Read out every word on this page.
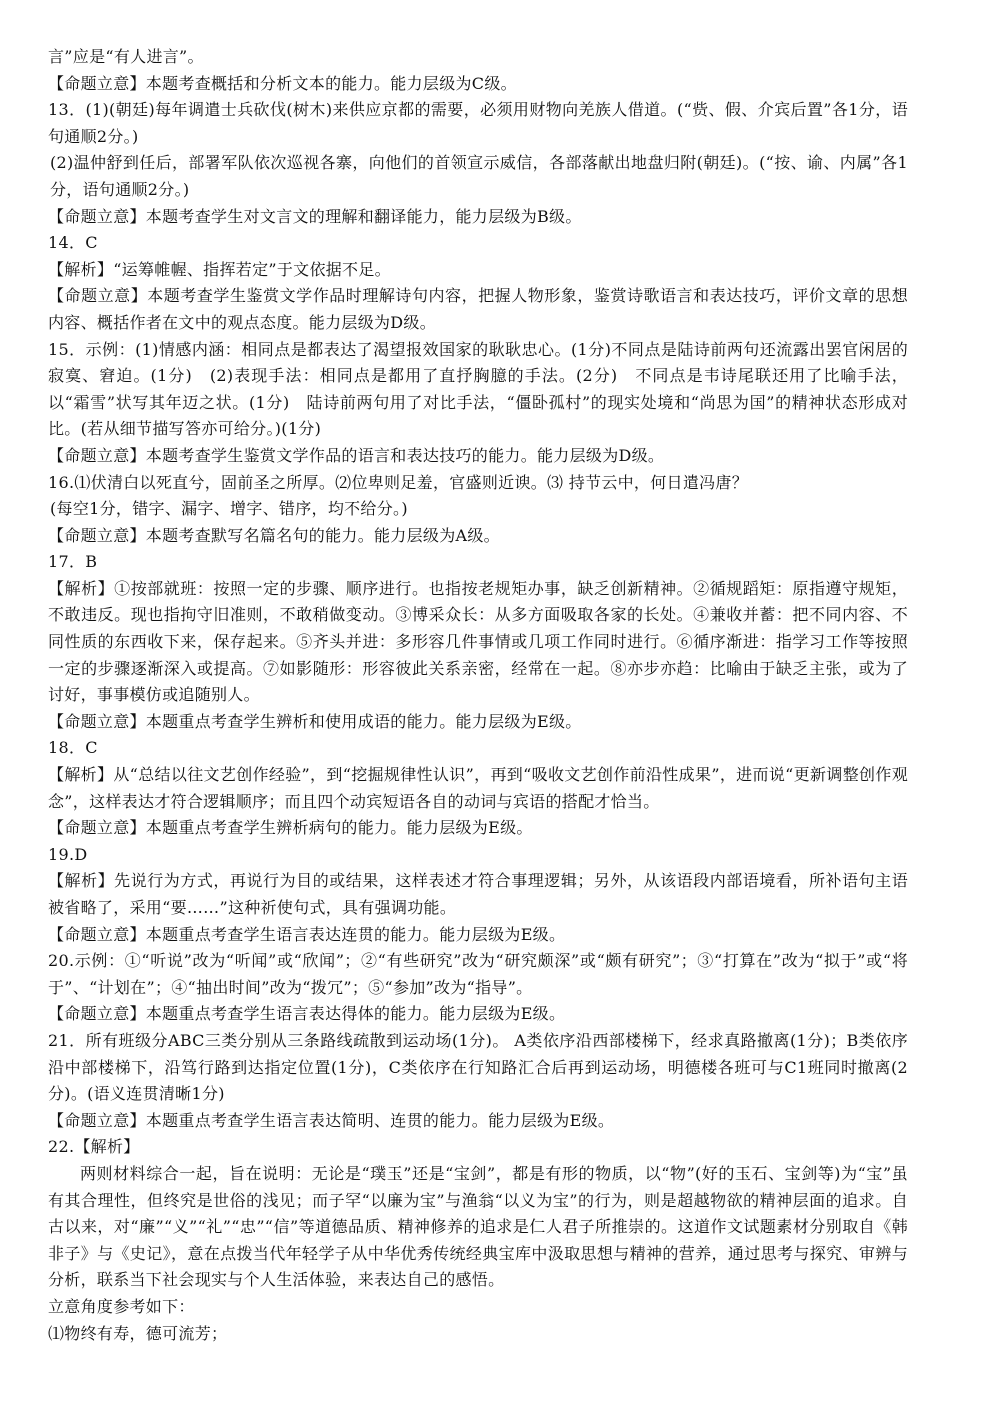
言”应是“有人进言”。

【命题立意】本题考查概括和分析文本的能力。能力层级为C级。

13．(1)(朝廷)每年调遣士兵砍伐(树木)来供应京都的需要，必须用财物向羌族人借道。(“赀、假、介宾后置”各1分，语句通顺2分。)

(2)温仲舒到任后，部署军队依次巡视各寨，向他们的首领宣示威信，各部落献出地盘归附(朝廷)。(“按、谕、内属”各1分，语句通顺2分。)

【命题立意】本题考查学生对文言文的理解和翻译能力，能力层级为B级。

14．C

【解析】“运筹帷幄、指挥若定”于文依据不足。

【命题立意】本题考查学生鉴赏文学作品时理解诗句内容，把握人物形象，鉴赏诗歌语言和表达技巧，评价文章的思想内容、概括作者在文中的观点态度。能力层级为D级。

15．示例：(1)情感内涵：相同点是都表达了渴望报效国家的耿耿忠心。(1分)不同点是陆诗前两句还流露出罢官闲居的寂寞、窘迫。(1分)　(2)表现手法：相同点是都用了直抒胸臆的手法。(2分)　不同点是韦诗尾联还用了比喻手法，以“霜雪”状写其年迈之状。(1分)　陆诗前两句用了对比手法，“僵卧孤村”的现实处境和“尚思为国”的精神状态形成对比。(若从细节描写答亦可给分。)(1分)

【命题立意】本题考查学生鉴赏文学作品的语言和表达技巧的能力。能力层级为D级。

16.⑴伏清白以死直兮，固前圣之所厚。⑵位卑则足羞，官盛则近谀。⑶ 持节云中，何日遣冯唐？

(每空1分，错字、漏字、增字、错序，均不给分。)

【命题立意】本题考查默写名篇名句的能力。能力层级为A级。

17．B

【解析】①按部就班：按照一定的步骤、顺序进行。也指按老规矩办事，缺乏创新精神。②循规蹈矩：原指遵守规矩，不敢违反。现也指拘守旧准则，不敢稍做变动。③博采众长：从多方面吸取各家的长处。④兼收并蓄：把不同内容、不同性质的东西收下来，保存起来。⑤齐头并进：多形容几件事情或几项工作同时进行。⑥循序渐进：指学习工作等按照一定的步骤逐渐深入或提高。⑦如影随形：形容彼此关系亲密，经常在一起。⑧亦步亦趋：比喻由于缺乏主张，或为了讨好，事事模仿或追随别人。

【命题立意】本题重点考查学生辨析和使用成语的能力。能力层级为E级。

18．C

【解析】从“总结以往文艺创作经验”，到“挖掘规律性认识”，再到“吸收文艺创作前沿性成果”，进而说“更新调整创作观念”，这样表达才符合逻辑顺序；而且四个动宾短语各自的动词与宾语的搭配才恰当。

【命题立意】本题重点考查学生辨析病句的能力。能力层级为E级。

19.D

【解析】先说行为方式，再说行为目的或结果，这样表述才符合事理逻辑；另外，从该语段内部语境看，所补语句主语被省略了，采用“要……”这种祈使句式，具有强调功能。

【命题立意】本题重点考查学生语言表达连贯的能力。能力层级为E级。

20.示例：①“听说”改为“听闻”或“欣闻”；②“有些研究”改为“研究颇深”或“颇有研究”；③“打算在”改为“拟于”或“将于”、“计划在”；④“抽出时间”改为“拨冗”；⑤“参加”改为“指导”。

【命题立意】本题重点考查学生语言表达得体的能力。能力层级为E级。

21．所有班级分ABC三类分别从三条路线疏散到运动场(1分)。 A类依序沿西部楼梯下，经求真路撤离(1分)；B类依序沿中部楼梯下，沿笃行路到达指定位置(1分)，C类依序在行知路汇合后再到运动场，明德楼各班可与C1班同时撤离(2分)。(语义连贯清晰1分)

【命题立意】本题重点考查学生语言表达简明、连贯的能力。能力层级为E级。

22.【解析】

两则材料综合一起，旨在说明：无论是“璞玉”还是“宝剑”，都是有形的物质，以“物”(好的玉石、宝剑等)为“宝”虽有其合理性，但终究是世俗的浅见；而子罕“以廉为宝”与渔翁“以义为宝”的行为，则是超越物欲的精神层面的追求。自古以来，对“廉”“义”“礼”“忠”“信”等道德品质、精神修养的追求是仁人君子所推崇的。这道作文试题素材分别取自《韩非子》与《史记》，意在点拨当代年轻学子从中华优秀传统经典宝库中汲取思想与精神的营养，通过思考与探究、审辨与分析，联系当下社会现实与个人生活体验，来表达自己的感悟。

立意角度参考如下：

⑴物终有寿，德可流芳；
